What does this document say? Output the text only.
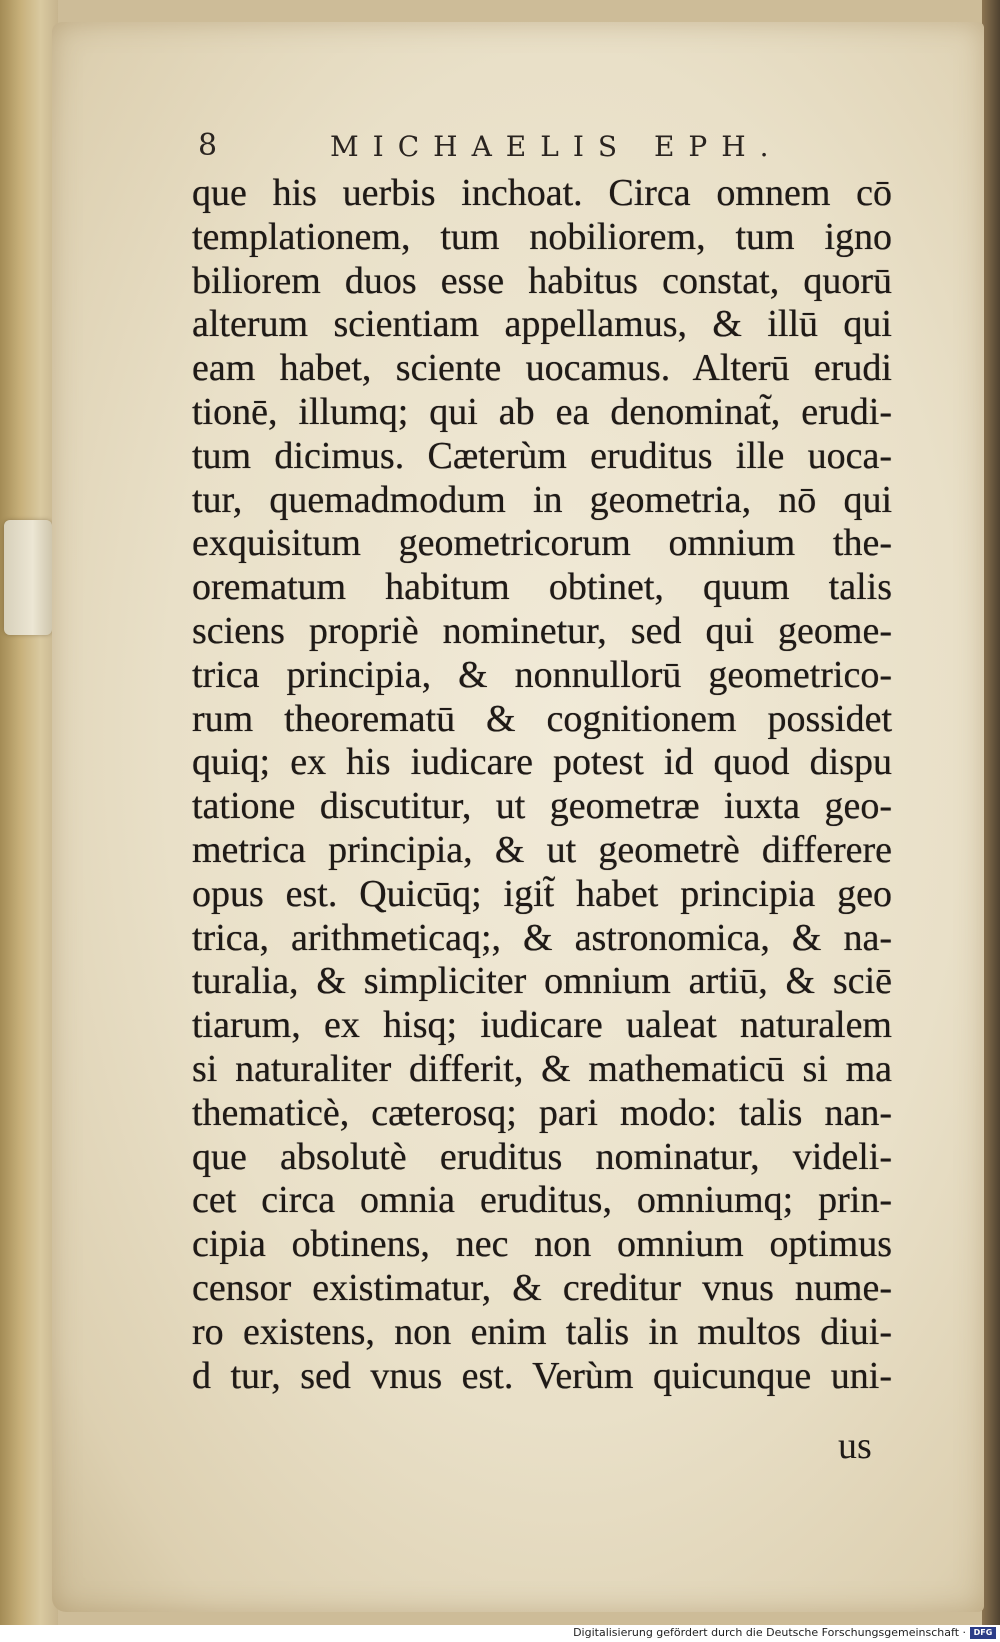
8	MICHAELIS EPH.
que his uerbis inchoat. Circa omnem cō
templationem, tum nobiliorem, tum igno
biliorem duos esse habitus constat, quorū
alterum scientiam appellamus, & illū qui
eam habet, sciente uocamus. Alterū erudi
tionē, illumq; qui ab ea denominat̃, erudi-
tum dicimus. Cæterùm eruditus ille uoca-
tur, quemadmodum in geometria, nō qui
exquisitum geometricorum omnium the-
orematum habitum obtinet, quum talis
sciens propriè nominetur, sed qui geome-
trica principia, & nonnullorū geometrico-
rum theorematū & cognitionem possidet
quiq; ex his iudicare potest id quod dispu
tatione discutitur, ut geometræ iuxta geo-
metrica principia, & ut geometrè differere
opus est. Quicūq; igit̃ habet principia geo
trica, arithmeticaq;, & astronomica, & na-
turalia, & simpliciter omnium artiū, & sciē
tiarum, ex hisq; iudicare ualeat naturalem
si naturaliter differit, & mathematicū si ma
thematicè, cæterosq; pari modo: talis nan-
que absolutè eruditus nominatur, videli-
cet circa omnia eruditus, omniumq; prin-
cipia obtinens, nec non omnium optimus
censor existimatur, & creditur vnus nume-
ro existens, non enim talis in multos diui-
d tur, sed vnus est. Verùm quicunque uni-
us
Digitalisierung gefördert durch die Deutsche Forschungsgemeinschaft · DFG
